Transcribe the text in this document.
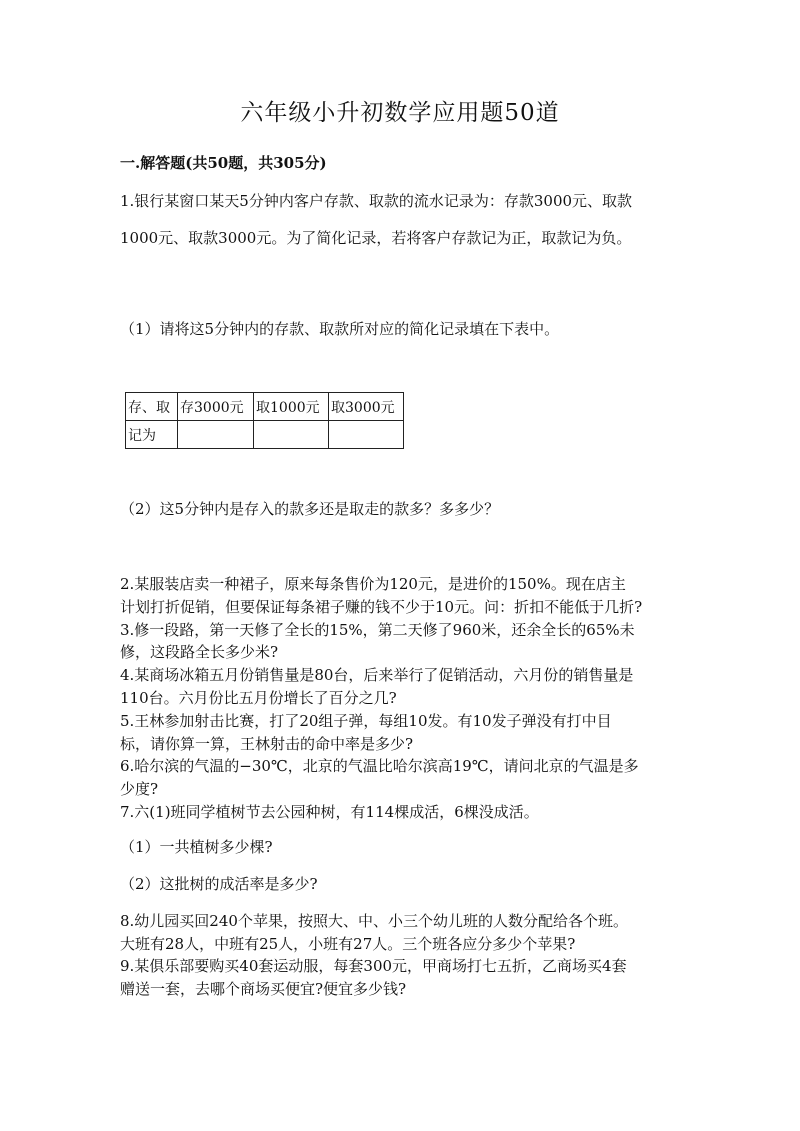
六年级小升初数学应用题50道
一.解答题(共50题，共305分)
1.银行某窗口某天5分钟内客户存款、取款的流水记录为：存款3000元、取款
1000元、取款3000元。为了简化记录，若将客户存款记为正，取款记为负。
（1）请将这5分钟内的存款、取款所对应的简化记录填在下表中。
存、取	存3000元	取1000元	取3000元
记为			
（2）这5分钟内是存入的款多还是取走的款多？多多少？
2.某服装店卖一种裙子，原来每条售价为120元，是进价的150%。现在店主
计划打折促销，但要保证每条裙子赚的钱不少于10元。问：折扣不能低于几折?
3.修一段路，第一天修了全长的15%，第二天修了960米，还余全长的65%未
修，这段路全长多少米?
4.某商场冰箱五月份销售量是80台，后来举行了促销活动，六月份的销售量是
110台。六月份比五月份增长了百分之几?
5.王林参加射击比赛，打了20组子弹，每组10发。有10发子弹没有打中目
标，请你算一算，王林射击的命中率是多少?
6.哈尔滨的气温的−30℃，北京的气温比哈尔滨高19℃，请问北京的气温是多
少度?
7.六(1)班同学植树节去公园种树，有114棵成活，6棵没成活。
（1）一共植树多少棵?
（2）这批树的成活率是多少?
8.幼儿园买回240个苹果，按照大、中、小三个幼儿班的人数分配给各个班。
大班有28人，中班有25人，小班有27人。三个班各应分多少个苹果?
9.某俱乐部要购买40套运动服，每套300元，甲商场打七五折，乙商场买4套
赠送一套，去哪个商场买便宜?便宜多少钱?
